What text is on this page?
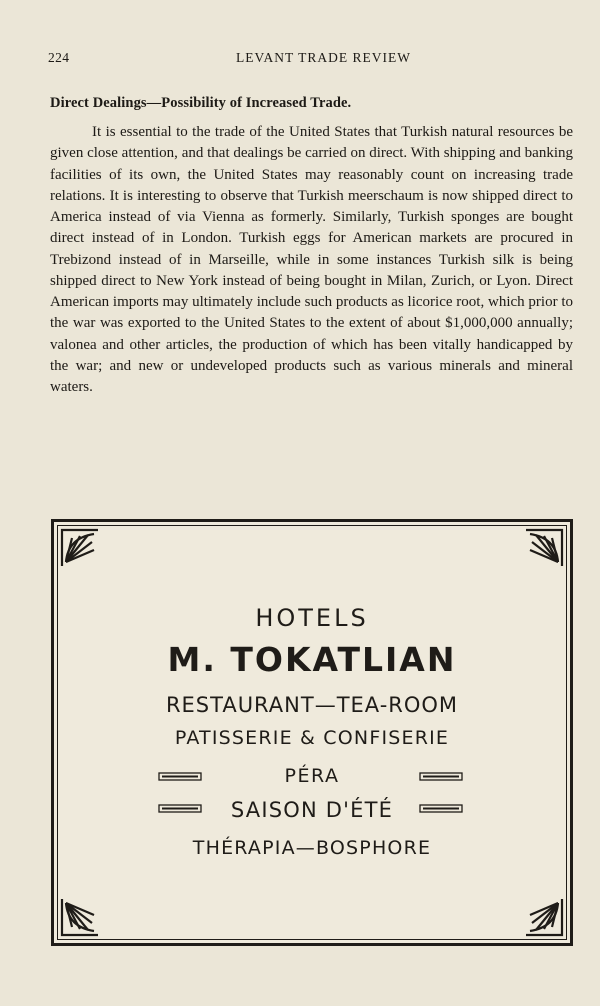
224	LEVANT TRADE REVIEW
Direct Dealings—Possibility of Increased Trade.

It is essential to the trade of the United States that Turkish natural resources be given close attention, and that dealings be carried on direct. With shipping and banking facilities of its own, the United States may reasonably count on increasing trade relations. It is interesting to observe that Turkish meerschaum is now shipped direct to America instead of via Vienna as formerly. Similarly, Turkish sponges are bought direct instead of in London. Turkish eggs for American markets are procured in Trebizond instead of in Marseille, while in some instances Turkish silk is being shipped direct to New York instead of being bought in Milan, Zurich, or Lyon. Direct American imports may ultimately include such products as licorice root, which prior to the war was exported to the United States to the extent of about $1,000,000 annually; valonea and other articles, the production of which has been vitally handicapped by the war; and new or undeveloped products such as various minerals and mineral waters.

HOTELS
M. TOKATLIAN
RESTAURANT—TEA-ROOM
PATISSERIE & CONFISERIE
PÉRA
SAISON D'ÉTÉ
THÉRAPIA—BOSPHORE
